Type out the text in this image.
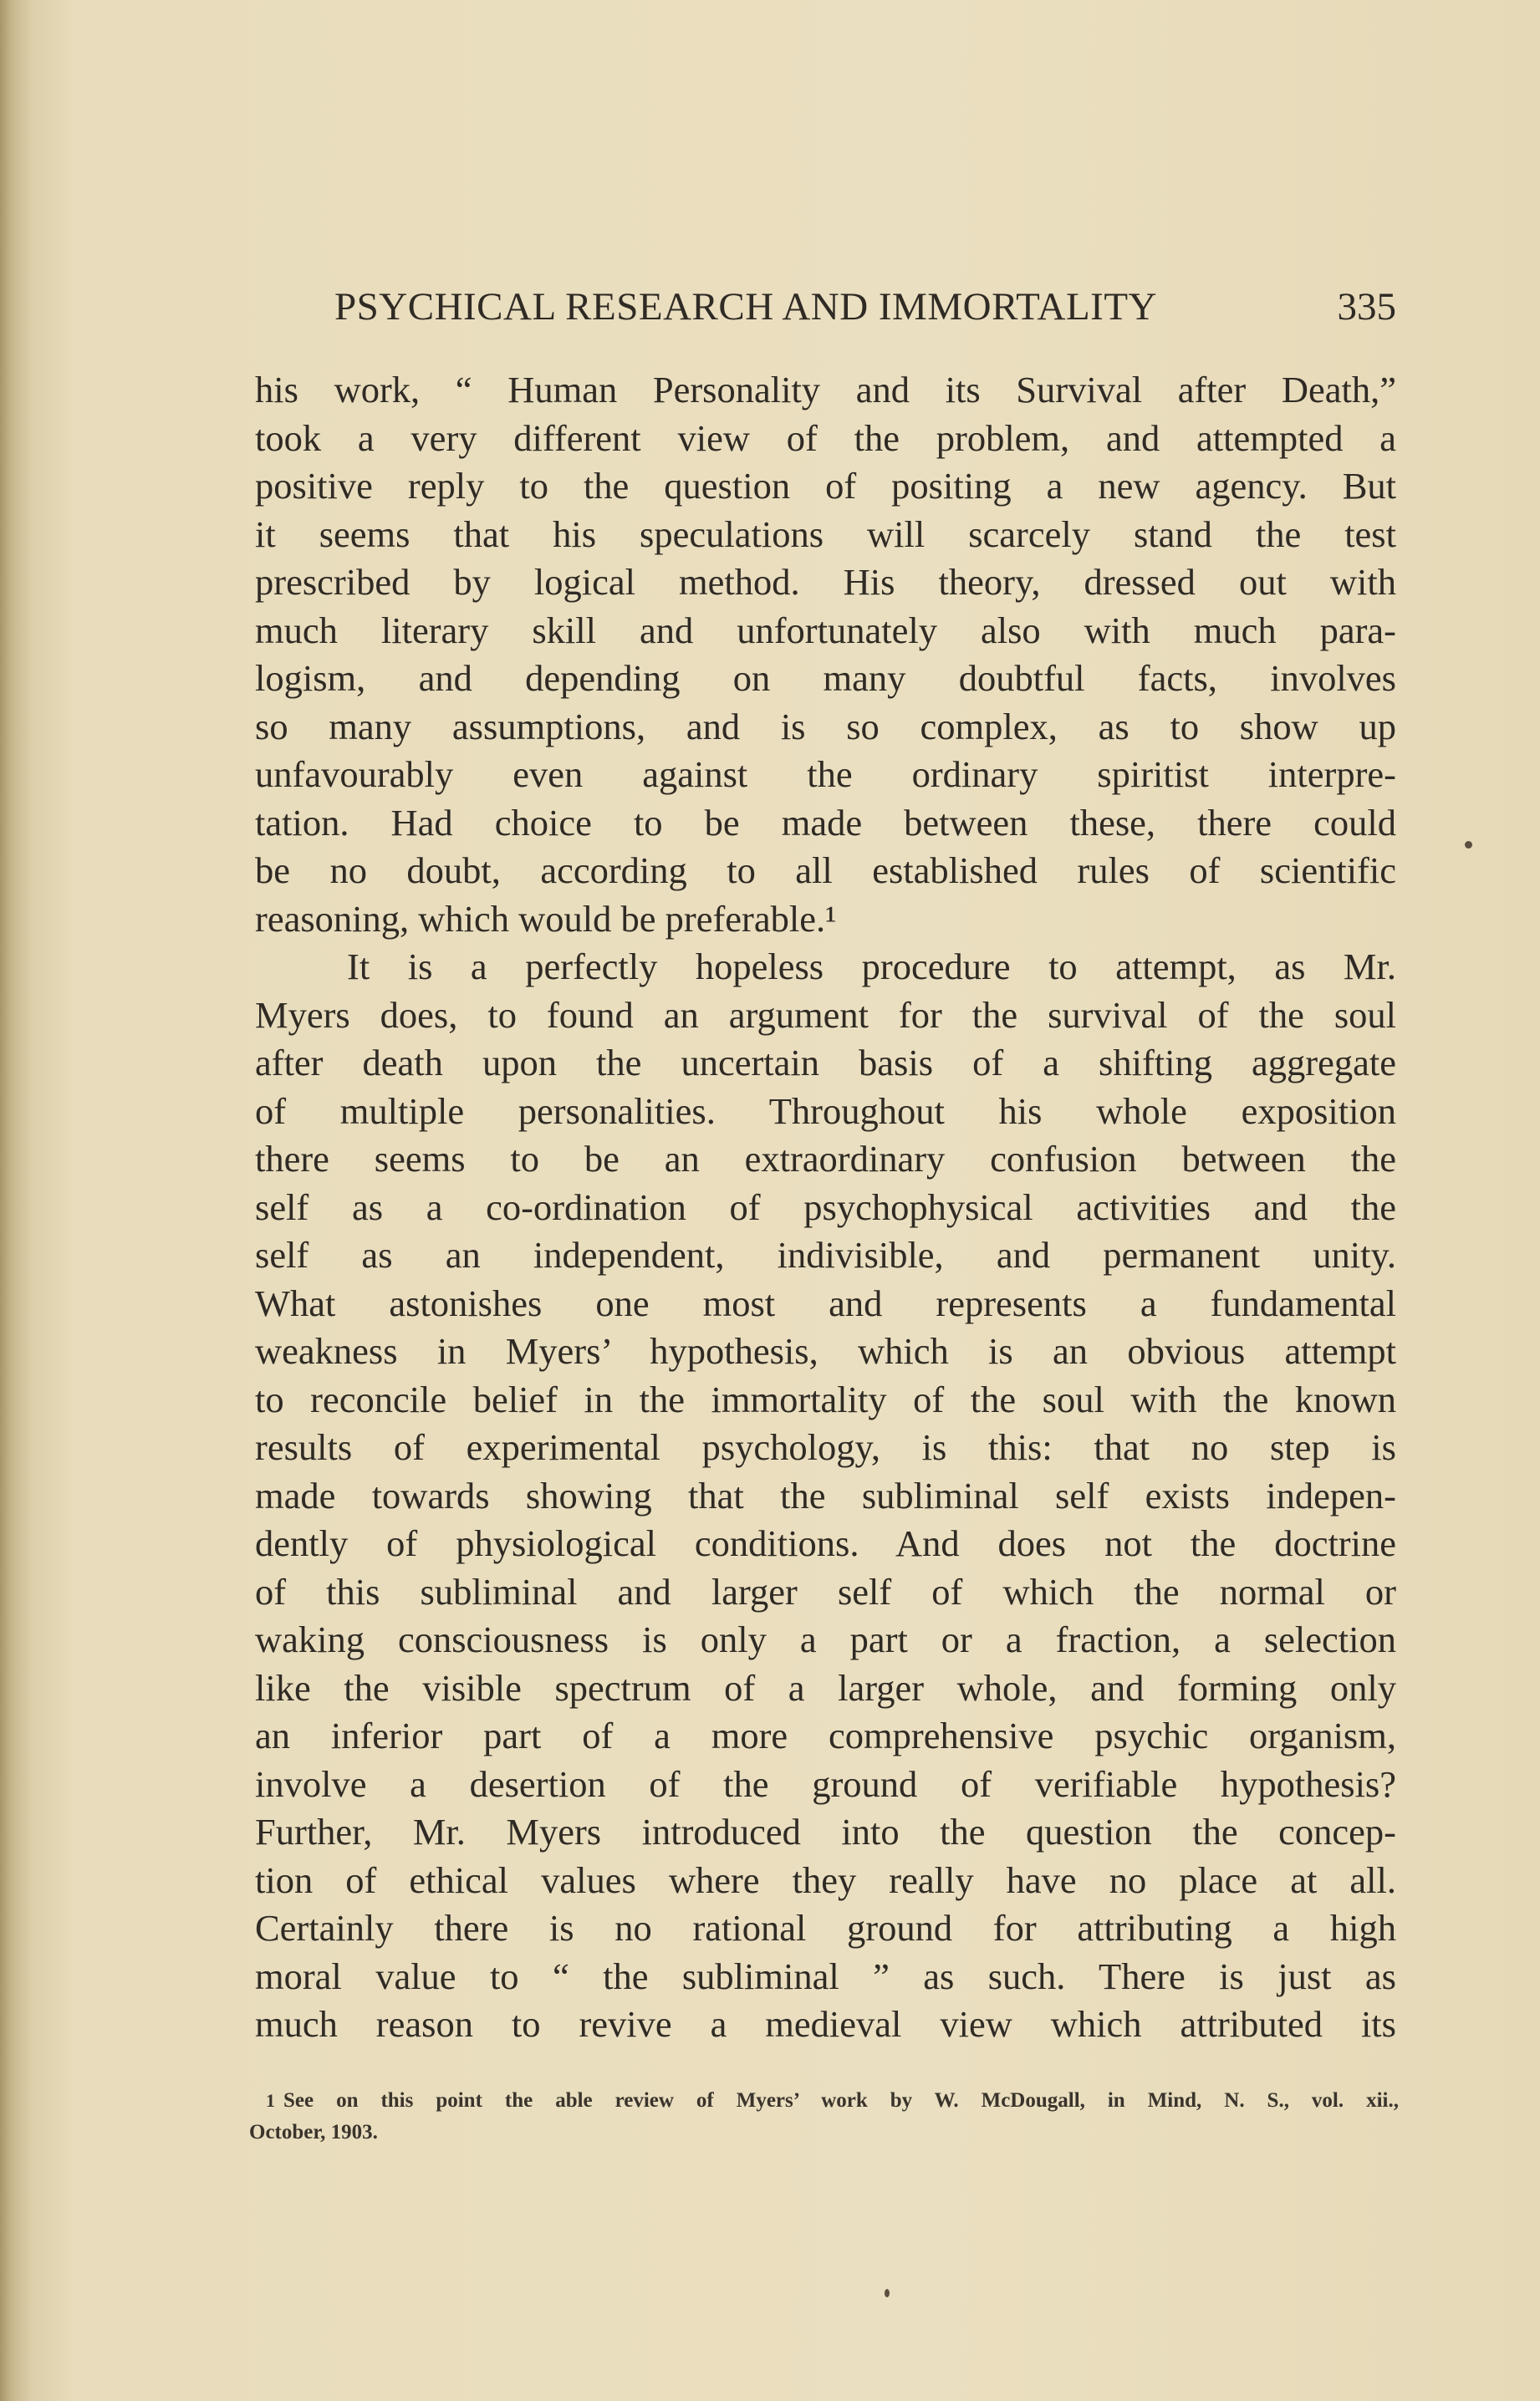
PSYCHICAL RESEARCH AND IMMORTALITY	335
his work, “ Human Personality and its Survival after Death,”
took a very different view of the problem, and attempted a
positive reply to the question of positing a new agency. But
it seems that his speculations will scarcely stand the test
prescribed by logical method. His theory, dressed out with
much literary skill and unfortunately also with much para-
logism, and depending on many doubtful facts, involves
so many assumptions, and is so complex, as to show up
unfavourably even against the ordinary spiritist interpre-
tation. Had choice to be made between these, there could
be no doubt, according to all established rules of scientific
reasoning, which would be preferable.¹
It is a perfectly hopeless procedure to attempt, as Mr.
Myers does, to found an argument for the survival of the soul
after death upon the uncertain basis of a shifting aggregate
of multiple personalities. Throughout his whole exposition
there seems to be an extraordinary confusion between the
self as a co-ordination of psychophysical activities and the
self as an independent, indivisible, and permanent unity.
What astonishes one most and represents a fundamental
weakness in Myers’ hypothesis, which is an obvious attempt
to reconcile belief in the immortality of the soul with the known
results of experimental psychology, is this: that no step is
made towards showing that the subliminal self exists indepen-
dently of physiological conditions. And does not the doctrine
of this subliminal and larger self of which the normal or
waking consciousness is only a part or a fraction, a selection
like the visible spectrum of a larger whole, and forming only
an inferior part of a more comprehensive psychic organism,
involve a desertion of the ground of verifiable hypothesis?
Further, Mr. Myers introduced into the question the concep-
tion of ethical values where they really have no place at all.
Certainly there is no rational ground for attributing a high
moral value to “ the subliminal ” as such. There is just as
much reason to revive a medieval view which attributed its
1 See on this point the able review of Myers’ work by W. McDougall, in Mind, N. S., vol. xii.,
October, 1903.
